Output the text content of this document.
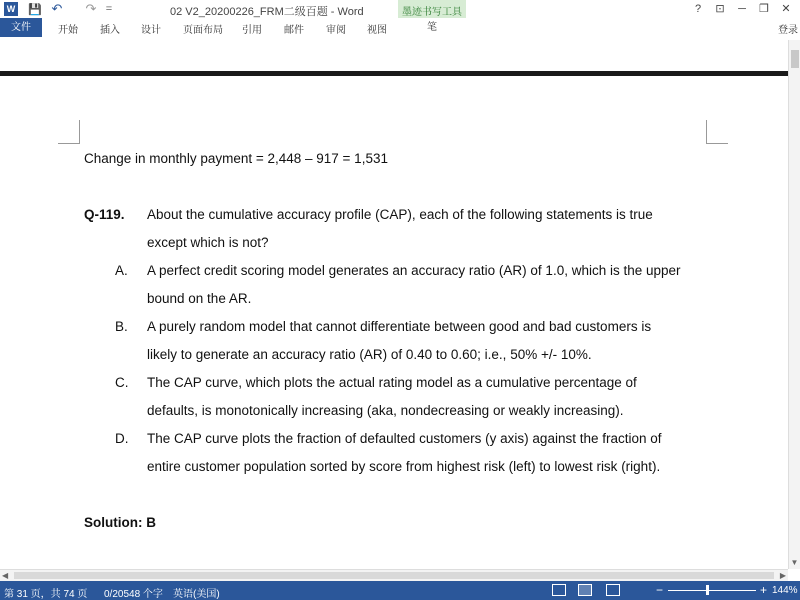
W 💾 ↶ ↷ =	02 V2_20200226_FRM二级百题 - Word	墨迹书写工具	?	⊡	─	❐	✕
文件	开始 插入 设计 页面布局 引用 邮件 审阅 视图	笔	登录
Change in monthly payment = 2,448 – 917 = 1,531
Q-119. About the cumulative accuracy profile (CAP), each of the following statements is true
except which is not?
A. A perfect credit scoring model generates an accuracy ratio (AR) of 1.0, which is the upper
bound on the AR.
B. A purely random model that cannot differentiate between good and bad customers is
likely to generate an accuracy ratio (AR) of 0.40 to 0.60; i.e., 50% +/- 10%.
C. The CAP curve, which plots the actual rating model as a cumulative percentage of
defaults, is monotonically increasing (aka, nondecreasing or weakly increasing).
D. The CAP curve plots the fraction of defaulted customers (y axis) against the fraction of
entire customer population sorted by score from highest risk (left) to lowest risk (right).
Solution: B
▼
◀	▶
第 31 页，共 74 页 0/20548 个字 英语(美国)	−	+ 144%
